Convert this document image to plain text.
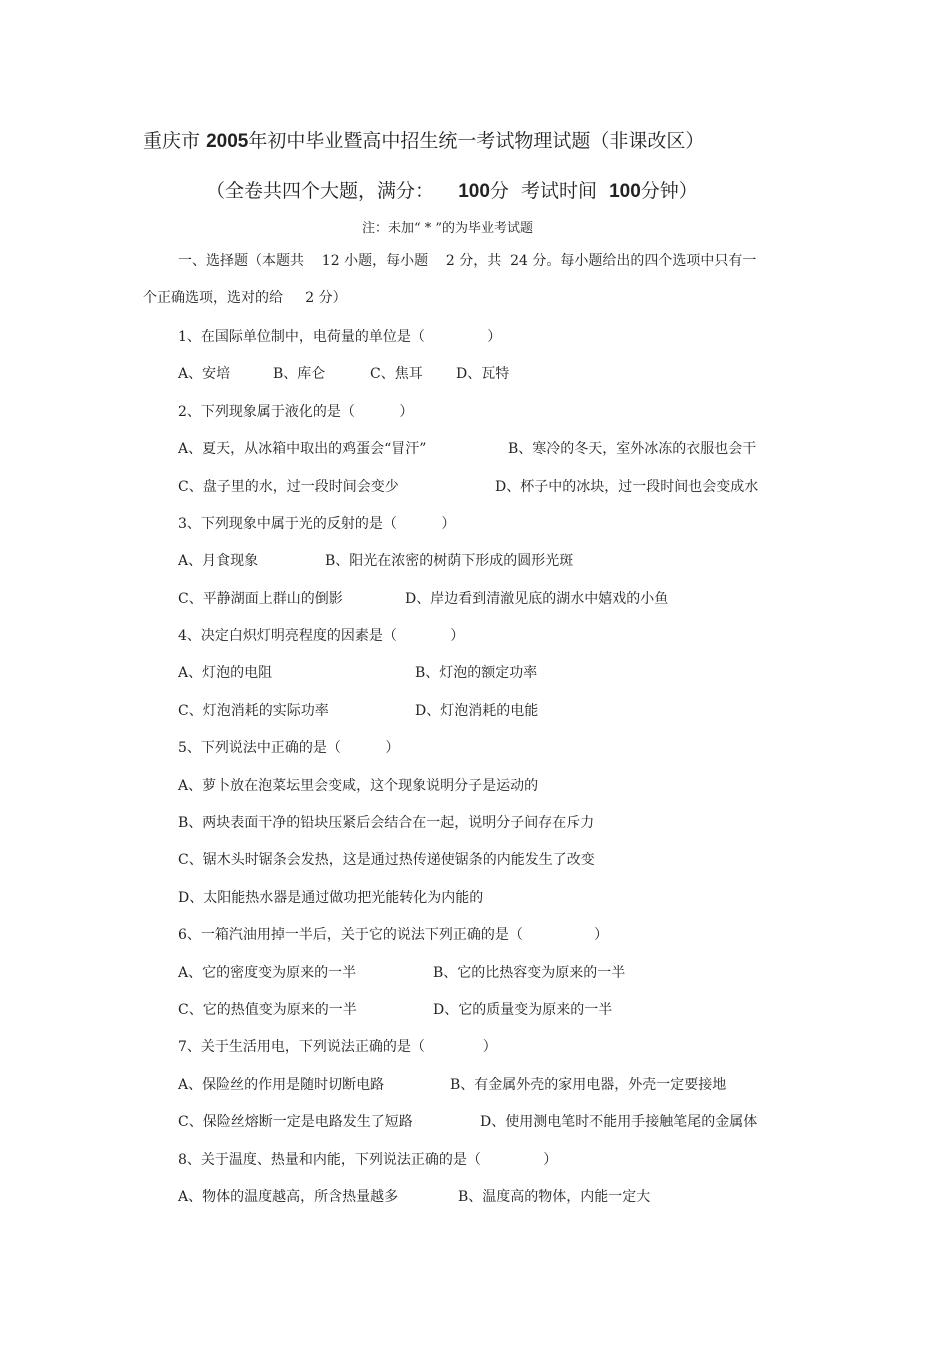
重庆市 2005年初中毕业暨高中招生统一考试物理试题（非课改区）
（全卷共四个大题，满分： 100分  考试时间 100分钟）
注：未加“ * ”的为毕业考试题
一、选择题（本题共    12 小题，每小题    2 分，共  24 分。每小题给出的四个选项中只有一
个正确选项，选对的给     2 分）
1、在国际单位制中，电荷量的单位是（              ）
A、安培	B、库仑	C、焦耳 D、瓦特
2、下列现象属于液化的是（          ）
A、夏天，从冰箱中取出的鸡蛋会“冒汗”	B、寒冷的冬天，室外冰冻的衣服也会干
C、盘子里的水，过一段时间会变少	D、杯子中的冰块，过一段时间也会变成水
3、下列现象中属于光的反射的是（          ）
A、月食现象	B、阳光在浓密的树荫下形成的圆形光斑
C、平静湖面上群山的倒影	D、岸边看到清澈见底的湖水中嬉戏的小鱼
4、决定白炽灯明亮程度的因素是（            ）
A、灯泡的电阻	B、灯泡的额定功率
C、灯泡消耗的实际功率	D、灯泡消耗的电能
5、下列说法中正确的是（          ）
A、萝卜放在泡菜坛里会变咸，这个现象说明分子是运动的
B、两块表面干净的铅块压紧后会结合在一起，说明分子间存在斥力
C、锯木头时锯条会发热，这是通过热传递使锯条的内能发生了改变
D、太阳能热水器是通过做功把光能转化为内能的
6、一箱汽油用掉一半后，关于它的说法下列正确的是（                ）
A、它的密度变为原来的一半	B、它的比热容变为原来的一半
C、它的热值变为原来的一半	D、它的质量变为原来的一半
7、关于生活用电，下列说法正确的是（             ）
A、保险丝的作用是随时切断电路	B、有金属外壳的家用电器，外壳一定要接地
C、保险丝熔断一定是电路发生了短路	D、使用测电笔时不能用手接触笔尾的金属体
8、关于温度、热量和内能，下列说法正确的是（              ）
A、物体的温度越高，所含热量越多	B、温度高的物体，内能一定大
